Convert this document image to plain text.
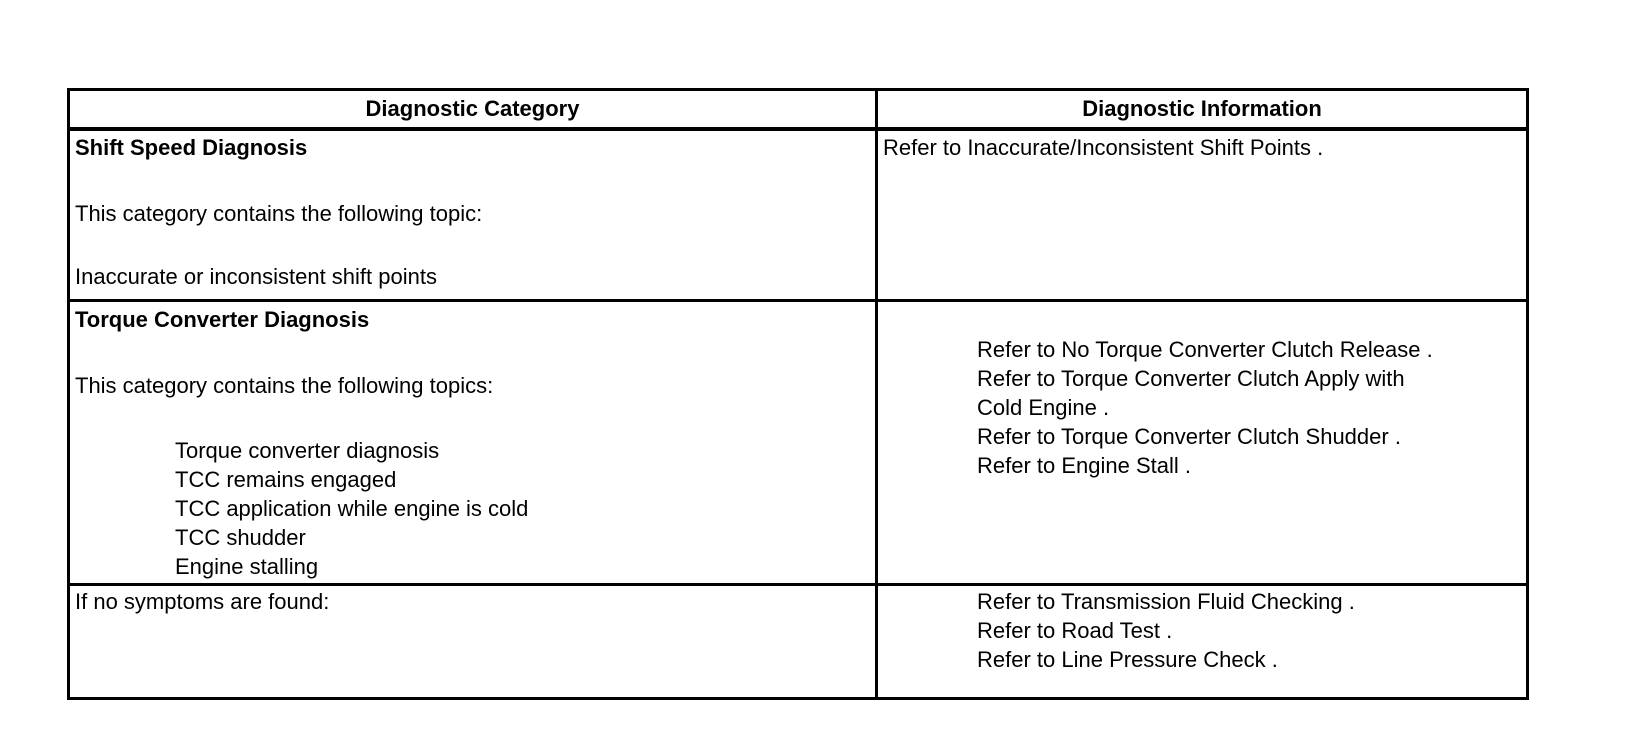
Diagnostic Category	Diagnostic Information
Shift Speed Diagnosis
This category contains the following topic:
Inaccurate or inconsistent shift points
Refer to Inaccurate/Inconsistent Shift Points .
Torque Converter Diagnosis
This category contains the following topics:
Torque converter diagnosis
TCC remains engaged
TCC application while engine is cold
TCC shudder
Engine stalling
Refer to No Torque Converter Clutch Release .
Refer to Torque Converter Clutch Apply with
Cold Engine .
Refer to Torque Converter Clutch Shudder .
Refer to Engine Stall .
If no symptoms are found:	Refer to Transmission Fluid Checking .
Refer to Road Test .
Refer to Line Pressure Check .
